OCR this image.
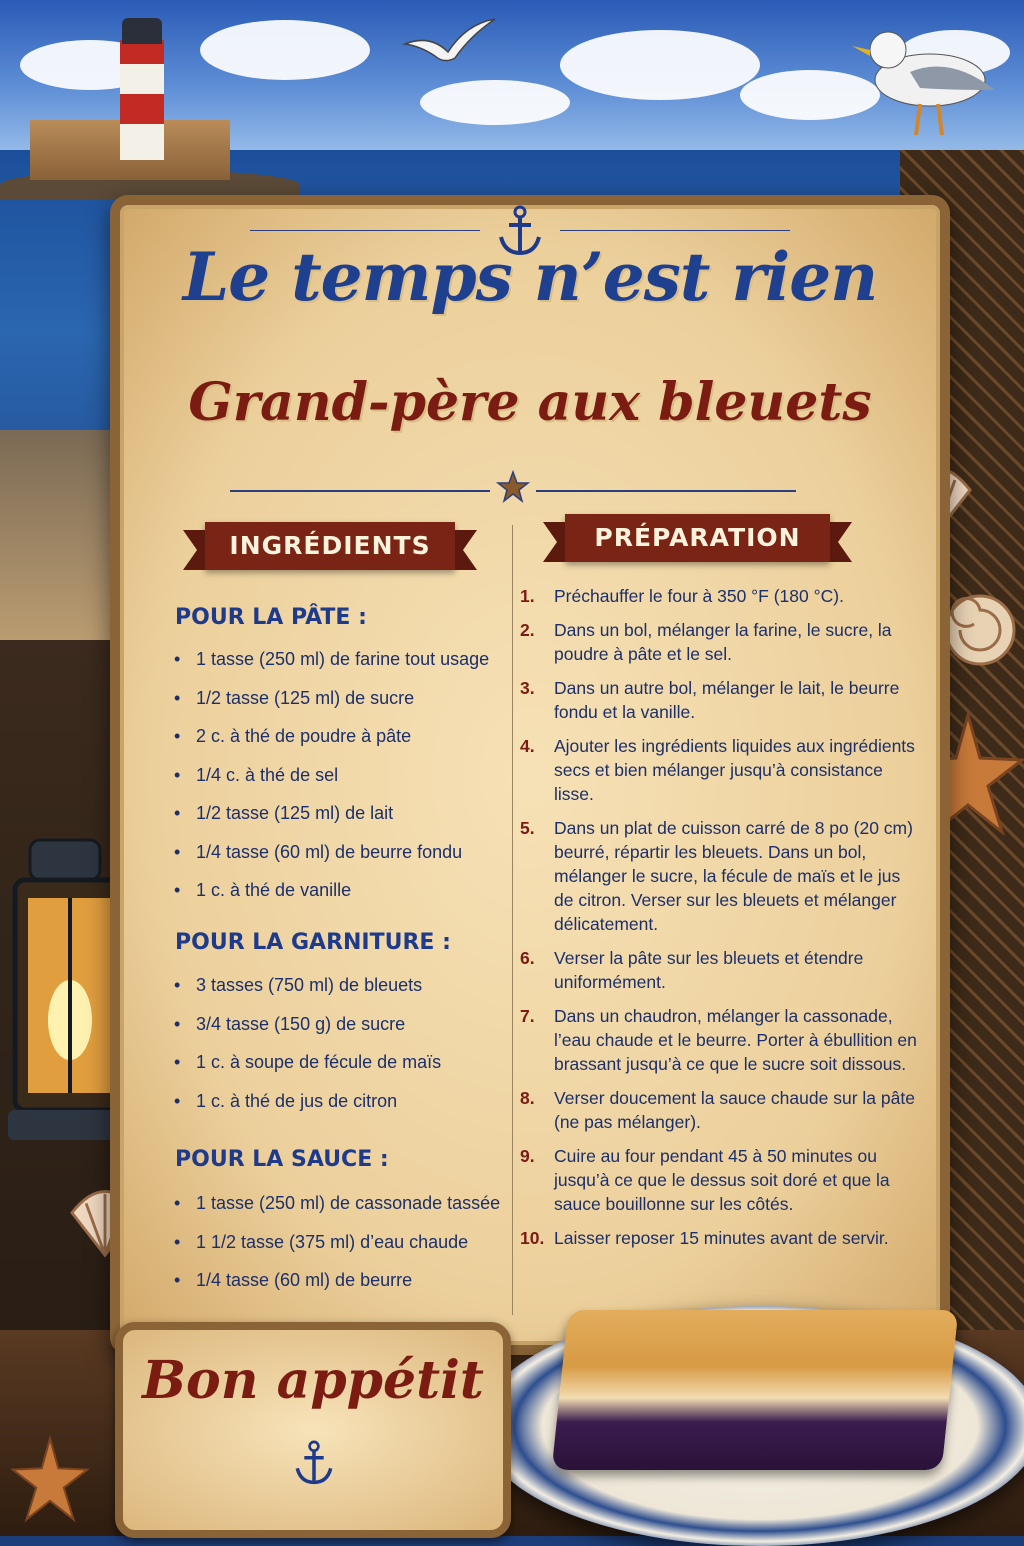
Le temps n’est rien
Grand-père aux bleuets
INGRÉDIENTS	PRÉPARATION
POUR LA PÂTE :
• 1 tasse (250 ml) de farine tout usage
• 1/2 tasse (125 ml) de sucre
• 2 c. à thé de poudre à pâte
• 1/4 c. à thé de sel
• 1/2 tasse (125 ml) de lait
• 1/4 tasse (60 ml) de beurre fondu
• 1 c. à thé de vanille
POUR LA GARNITURE :
• 3 tasses (750 ml) de bleuets
• 3/4 tasse (150 g) de sucre
• 1 c. à soupe de fécule de maïs
• 1 c. à thé de jus de citron
POUR LA SAUCE :
• 1 tasse (250 ml) de cassonade tassée
• 1 1/2 tasse (375 ml) d’eau chaude
• 1/4 tasse (60 ml) de beurre
1. Préchauffer le four à 350 °F (180 °C).
2. Dans un bol, mélanger la farine, le sucre, la poudre à pâte et le sel.
3. Dans un autre bol, mélanger le lait, le beurre fondu et la vanille.
4. Ajouter les ingrédients liquides aux ingrédients secs et bien mélanger jusqu’à consistance lisse.
5. Dans un plat de cuisson carré de 8 po (20 cm) beurré, répartir les bleuets. Dans un bol, mélanger le sucre, la fécule de maïs et le jus de citron. Verser sur les bleuets et mélanger délicatement.
6. Verser la pâte sur les bleuets et étendre uniformément.
7. Dans un chaudron, mélanger la cassonade, l’eau chaude et le beurre. Porter à ébullition en brassant jusqu’à ce que le sucre soit dissous.
8. Verser doucement la sauce chaude sur la pâte (ne pas mélanger).
9. Cuire au four pendant 45 à 50 minutes ou jusqu’à ce que le dessus soit doré et que la sauce bouillonne sur les côtés.
10. Laisser reposer 15 minutes avant de servir.
Bon appétit
